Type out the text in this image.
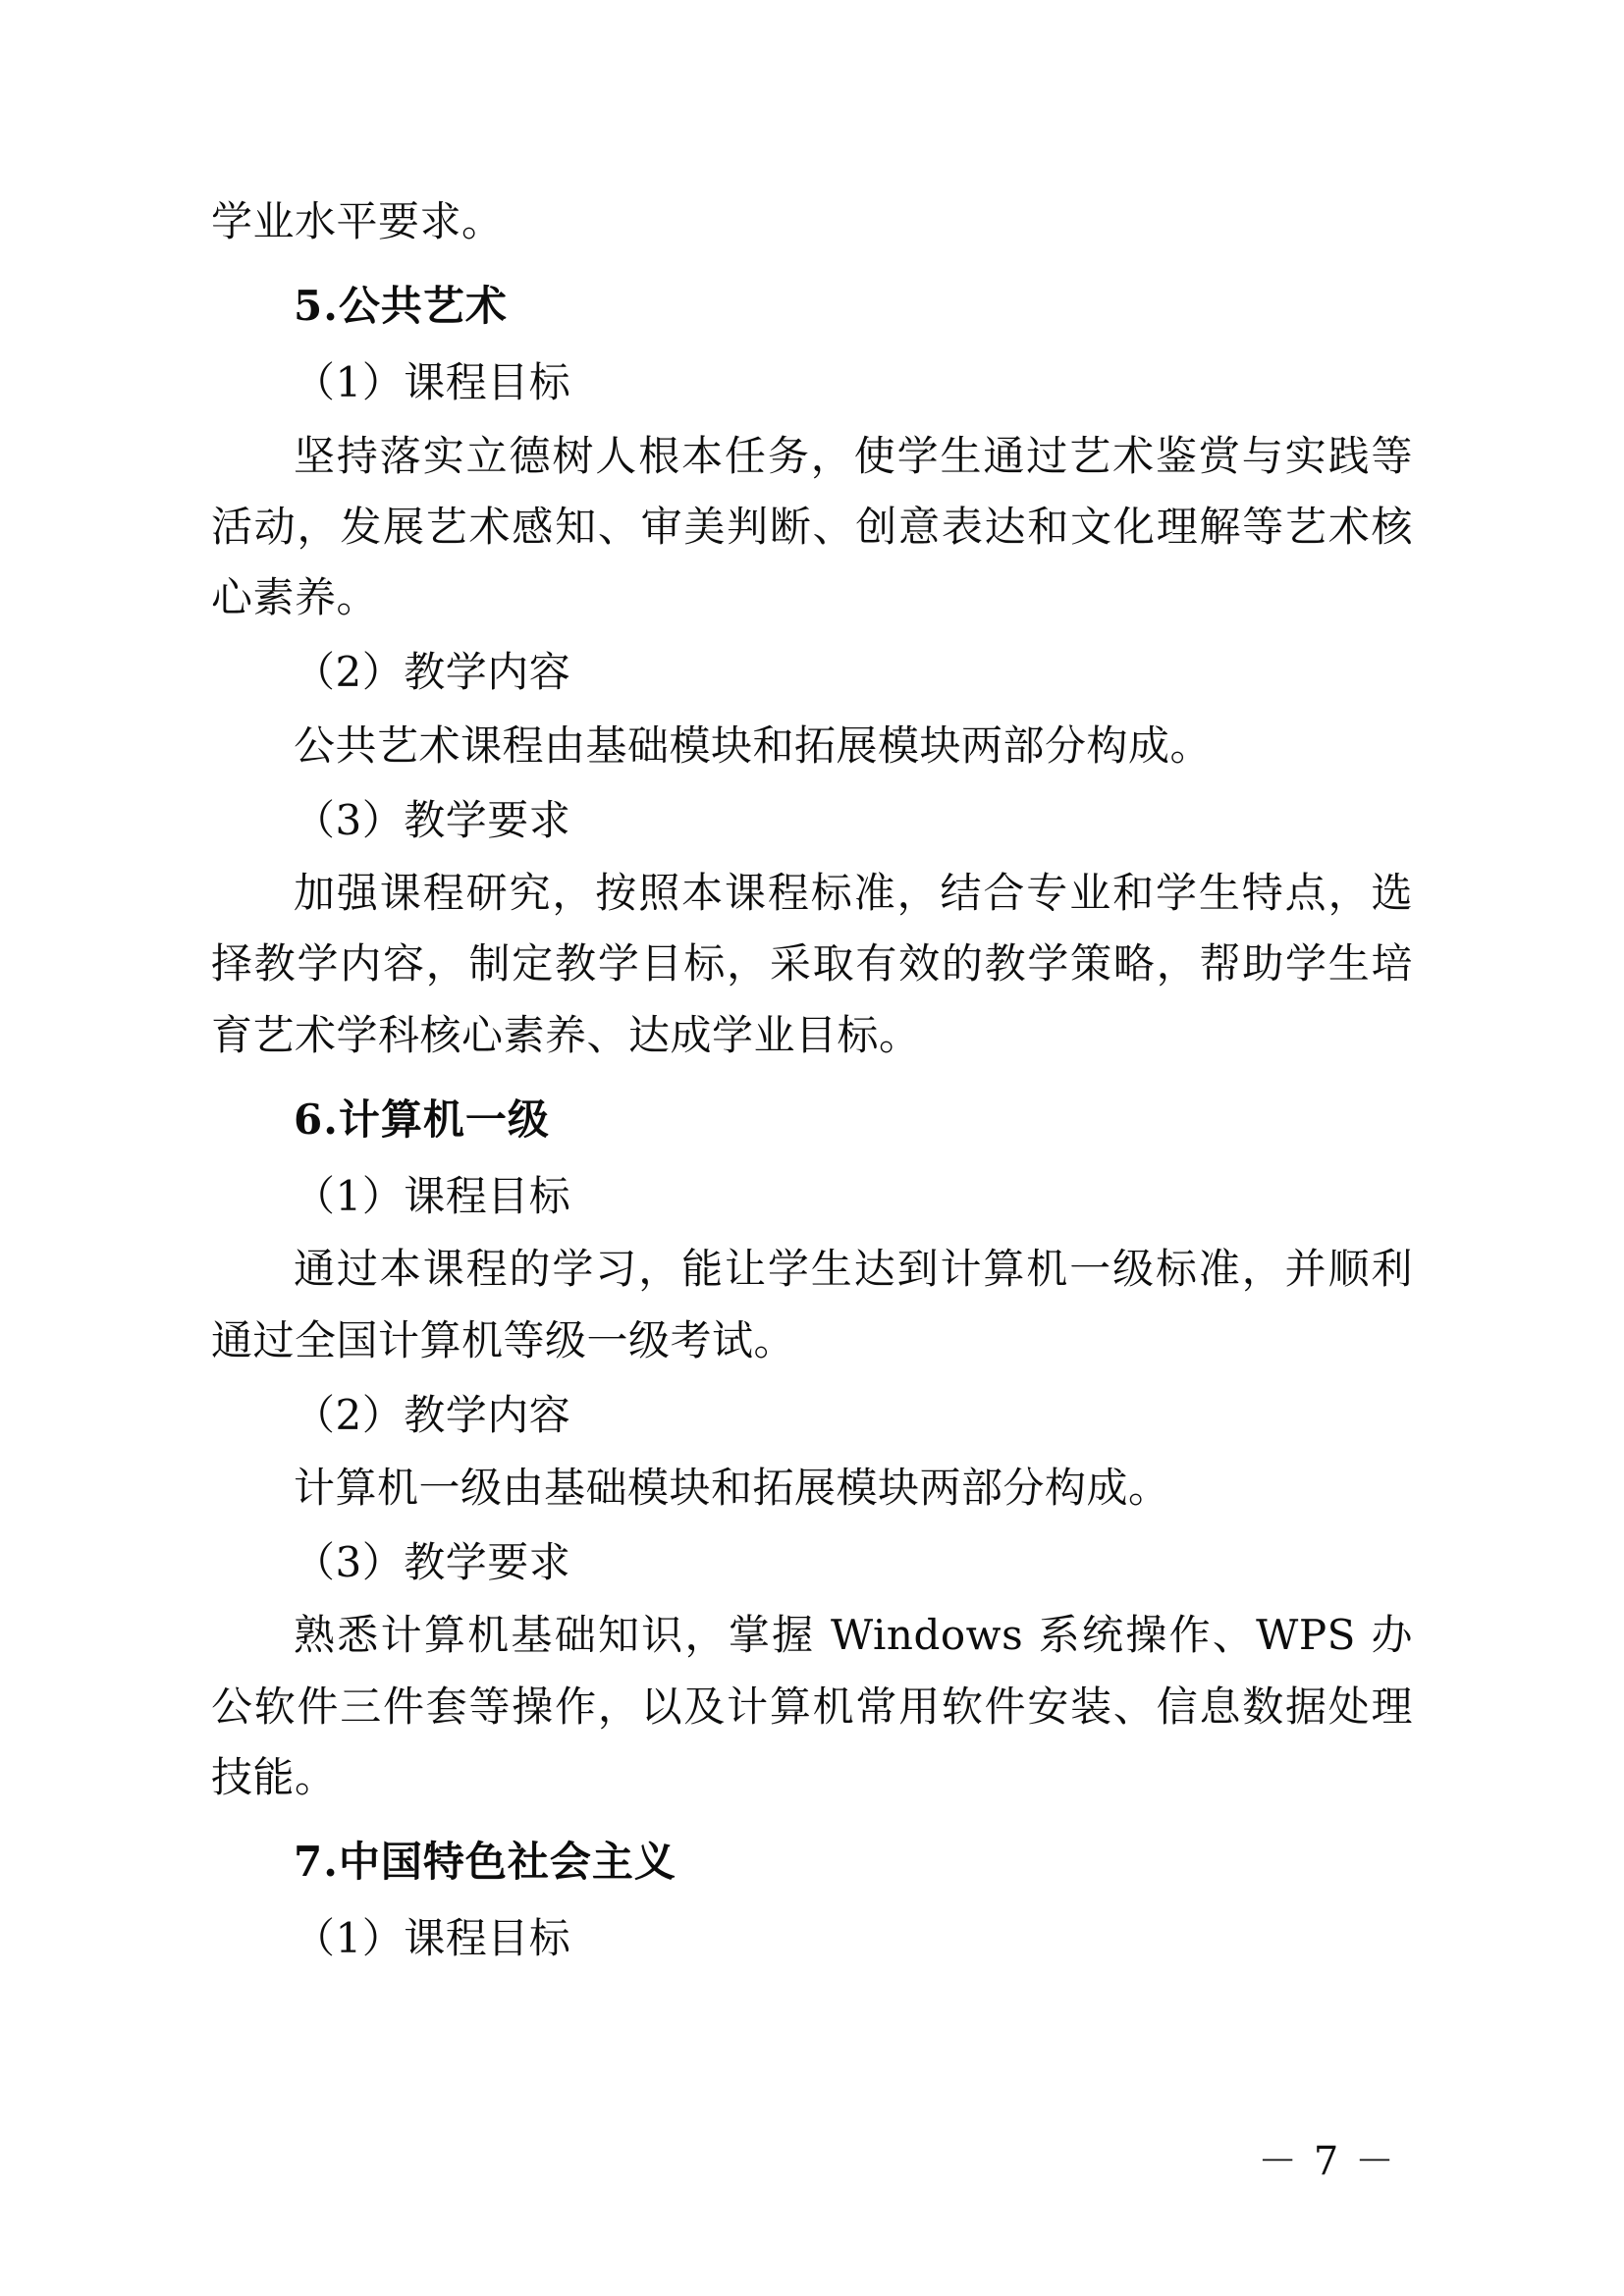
学业水平要求。

5.公共艺术

（1）课程目标

坚持落实立德树人根本任务，使学生通过艺术鉴赏与实践等活动，发展艺术感知、审美判断、创意表达和文化理解等艺术核心素养。

（2）教学内容

公共艺术课程由基础模块和拓展模块两部分构成。

（3）教学要求

加强课程研究，按照本课程标准，结合专业和学生特点，选择教学内容，制定教学目标，采取有效的教学策略，帮助学生培育艺术学科核心素养、达成学业目标。

6.计算机一级

（1）课程目标

通过本课程的学习，能让学生达到计算机一级标准，并顺利通过全国计算机等级一级考试。

（2）教学内容

计算机一级由基础模块和拓展模块两部分构成。

（3）教学要求

熟悉计算机基础知识，掌握 Windows 系统操作、WPS 办公软件三件套等操作，以及计算机常用软件安装、信息数据处理技能。

7.中国特色社会主义

（1）课程目标

－ 7 －
